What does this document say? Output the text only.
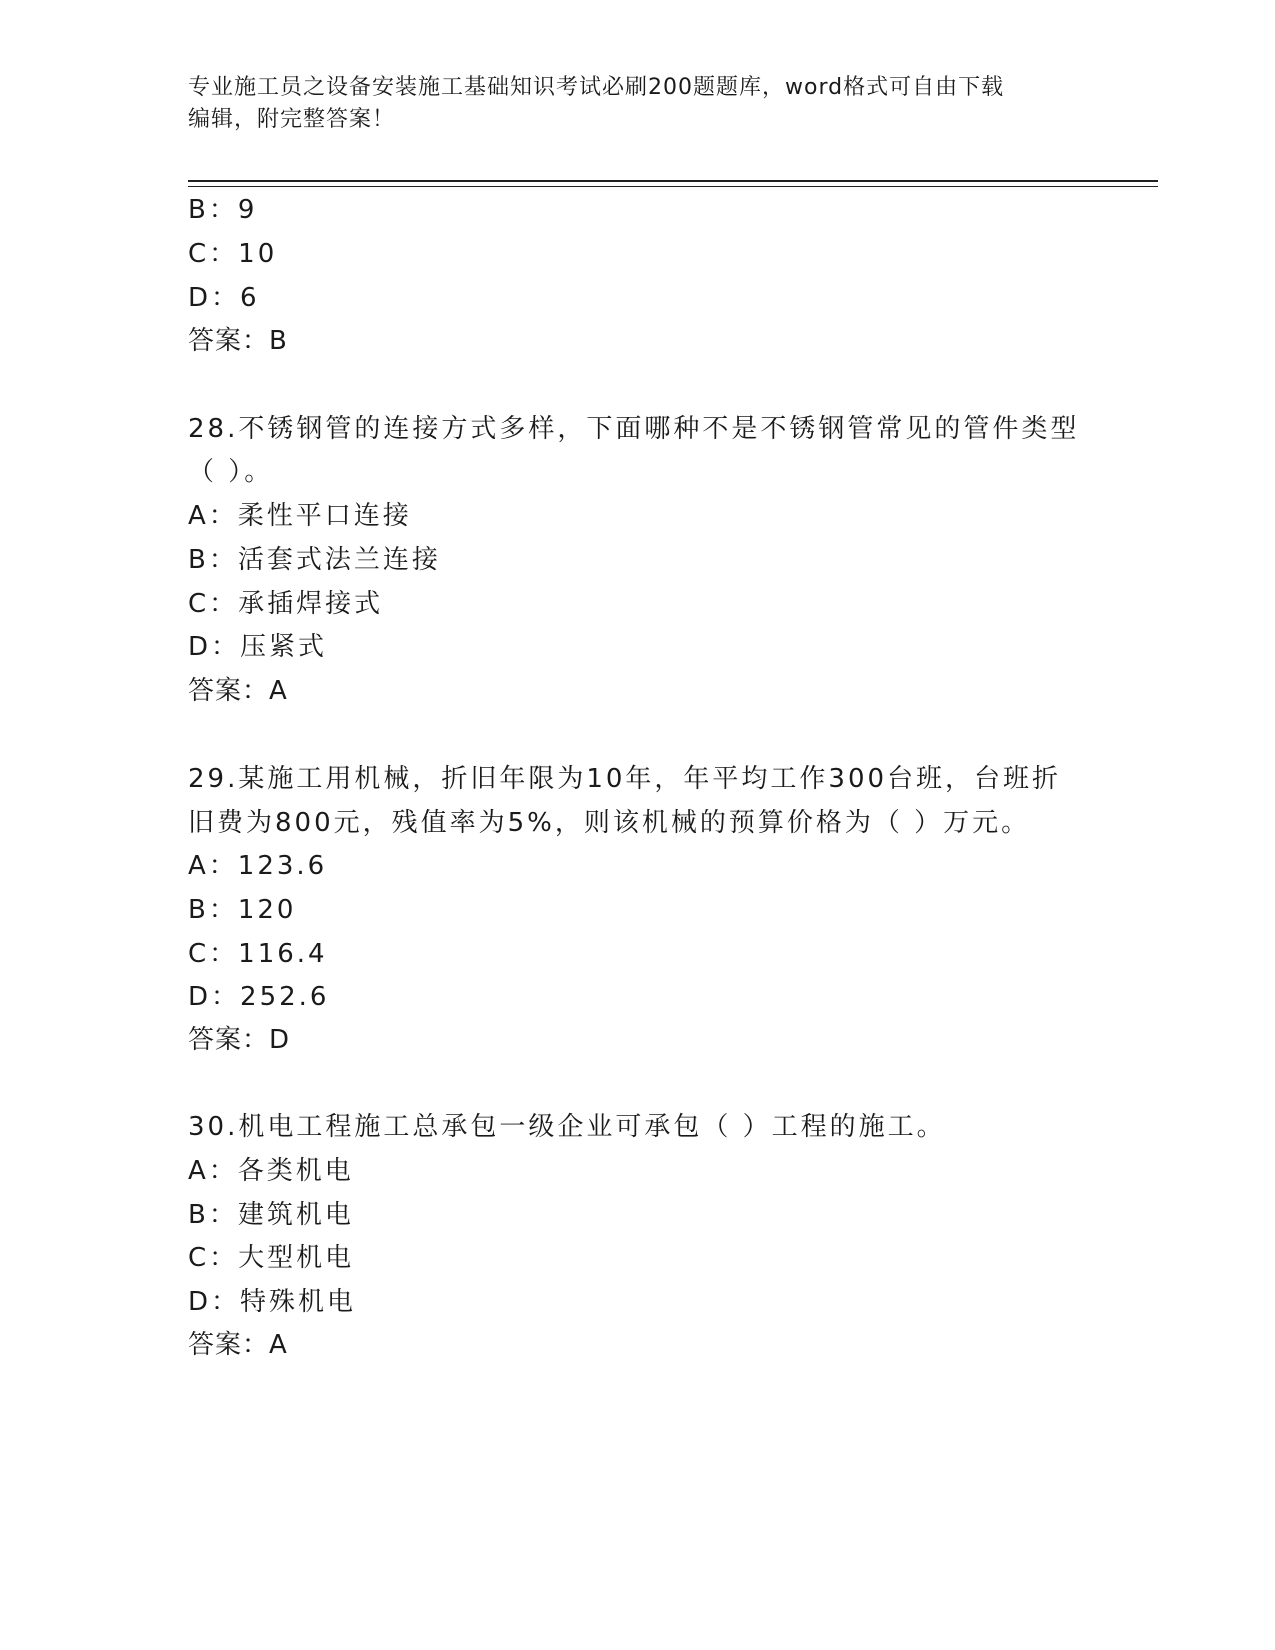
专业施工员之设备安装施工基础知识考试必刷200题题库，word格式可自由下载
编辑，附完整答案！
B：9
C：10
D：6
答案：B
28.不锈钢管的连接方式多样，下面哪种不是不锈钢管常见的管件类型
（ ）。
A：柔性平口连接
B：活套式法兰连接
C：承插焊接式
D：压紧式
答案：A
29.某施工用机械，折旧年限为10年，年平均工作300台班，台班折
旧费为800元，残值率为5%，则该机械的预算价格为（ ）万元。
A：123.6
B：120
C：116.4
D：252.6
答案：D
30.机电工程施工总承包一级企业可承包（ ）工程的施工。
A：各类机电
B：建筑机电
C：大型机电
D：特殊机电
答案：A
